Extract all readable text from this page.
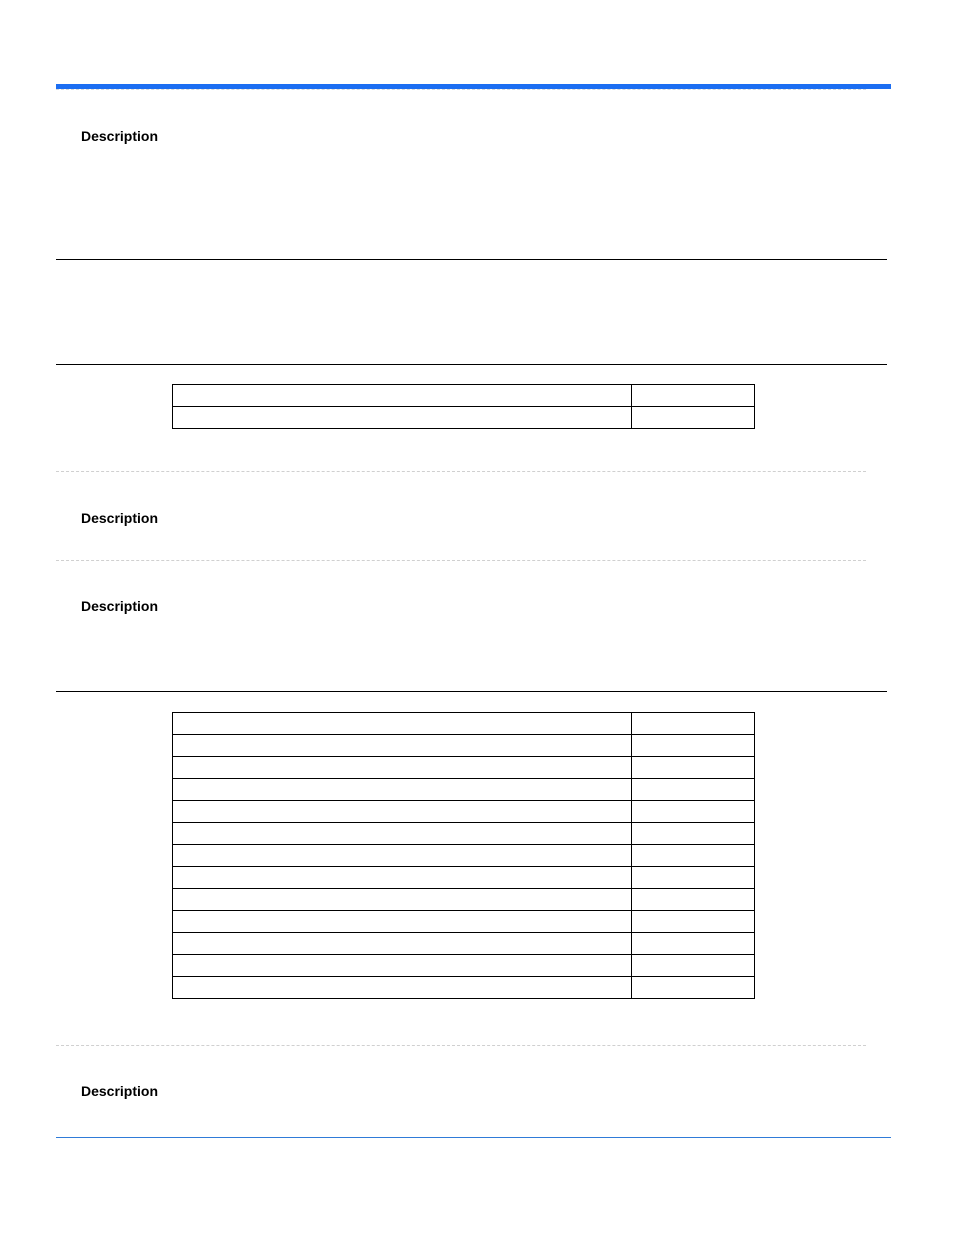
Description

Description
Description

Description
